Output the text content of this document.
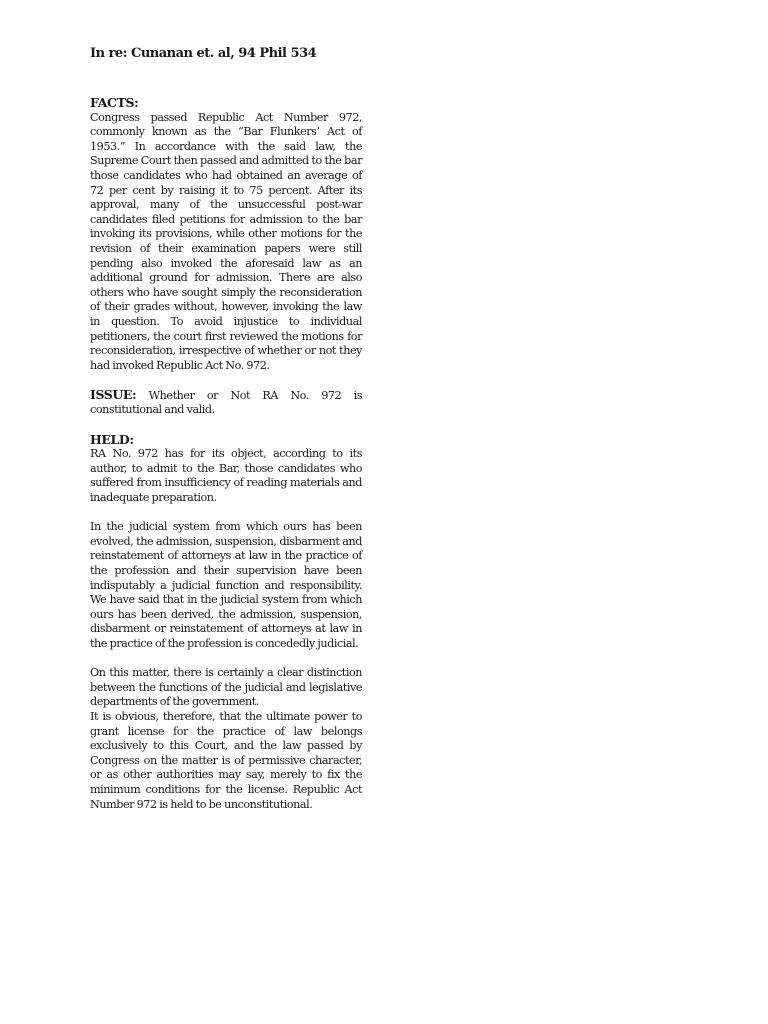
In re: Cunanan et. al, 94 Phil 534
FACTS:

Congress passed Republic Act Number 972, commonly known as the “Bar Flunkers’ Act of 1953.” In accordance with the said law, the Supreme Court then passed and admitted to the bar those candidates who had obtained an average of 72 per cent by raising it to 75 percent. After its approval, many of the unsuccessful post-war candidates filed petitions for admission to the bar invoking its provisions, while other motions for the revision of their examination papers were still pending also invoked the aforesaid law as an additional ground for admission. There are also others who have sought simply the reconsideration of their grades without, however, invoking the law in question. To avoid injustice to individual petitioners, the court first reviewed the motions for reconsideration, irrespective of whether or not they had invoked Republic Act No. 972.

ISSUE: Whether or Not RA No. 972 is constitutional and valid.

HELD:

RA No. 972 has for its object, according to its author, to admit to the Bar, those candidates who suffered from insufficiency of reading materials and inadequate preparation.

In the judicial system from which ours has been evolved, the admission, suspension, disbarment and reinstatement of attorneys at law in the practice of the profession and their supervision have been indisputably a judicial function and responsibility. We have said that in the judicial system from which ours has been derived, the admission, suspension, disbarment or reinstatement of attorneys at law in the practice of the profession is concededly judicial.

On this matter, there is certainly a clear distinction between the functions of the judicial and legislative departments of the government.

It is obvious, therefore, that the ultimate power to grant license for the practice of law belongs exclusively to this Court, and the law passed by Congress on the matter is of permissive character, or as other authorities may say, merely to fix the minimum conditions for the license. Republic Act Number 972 is held to be unconstitutional.
